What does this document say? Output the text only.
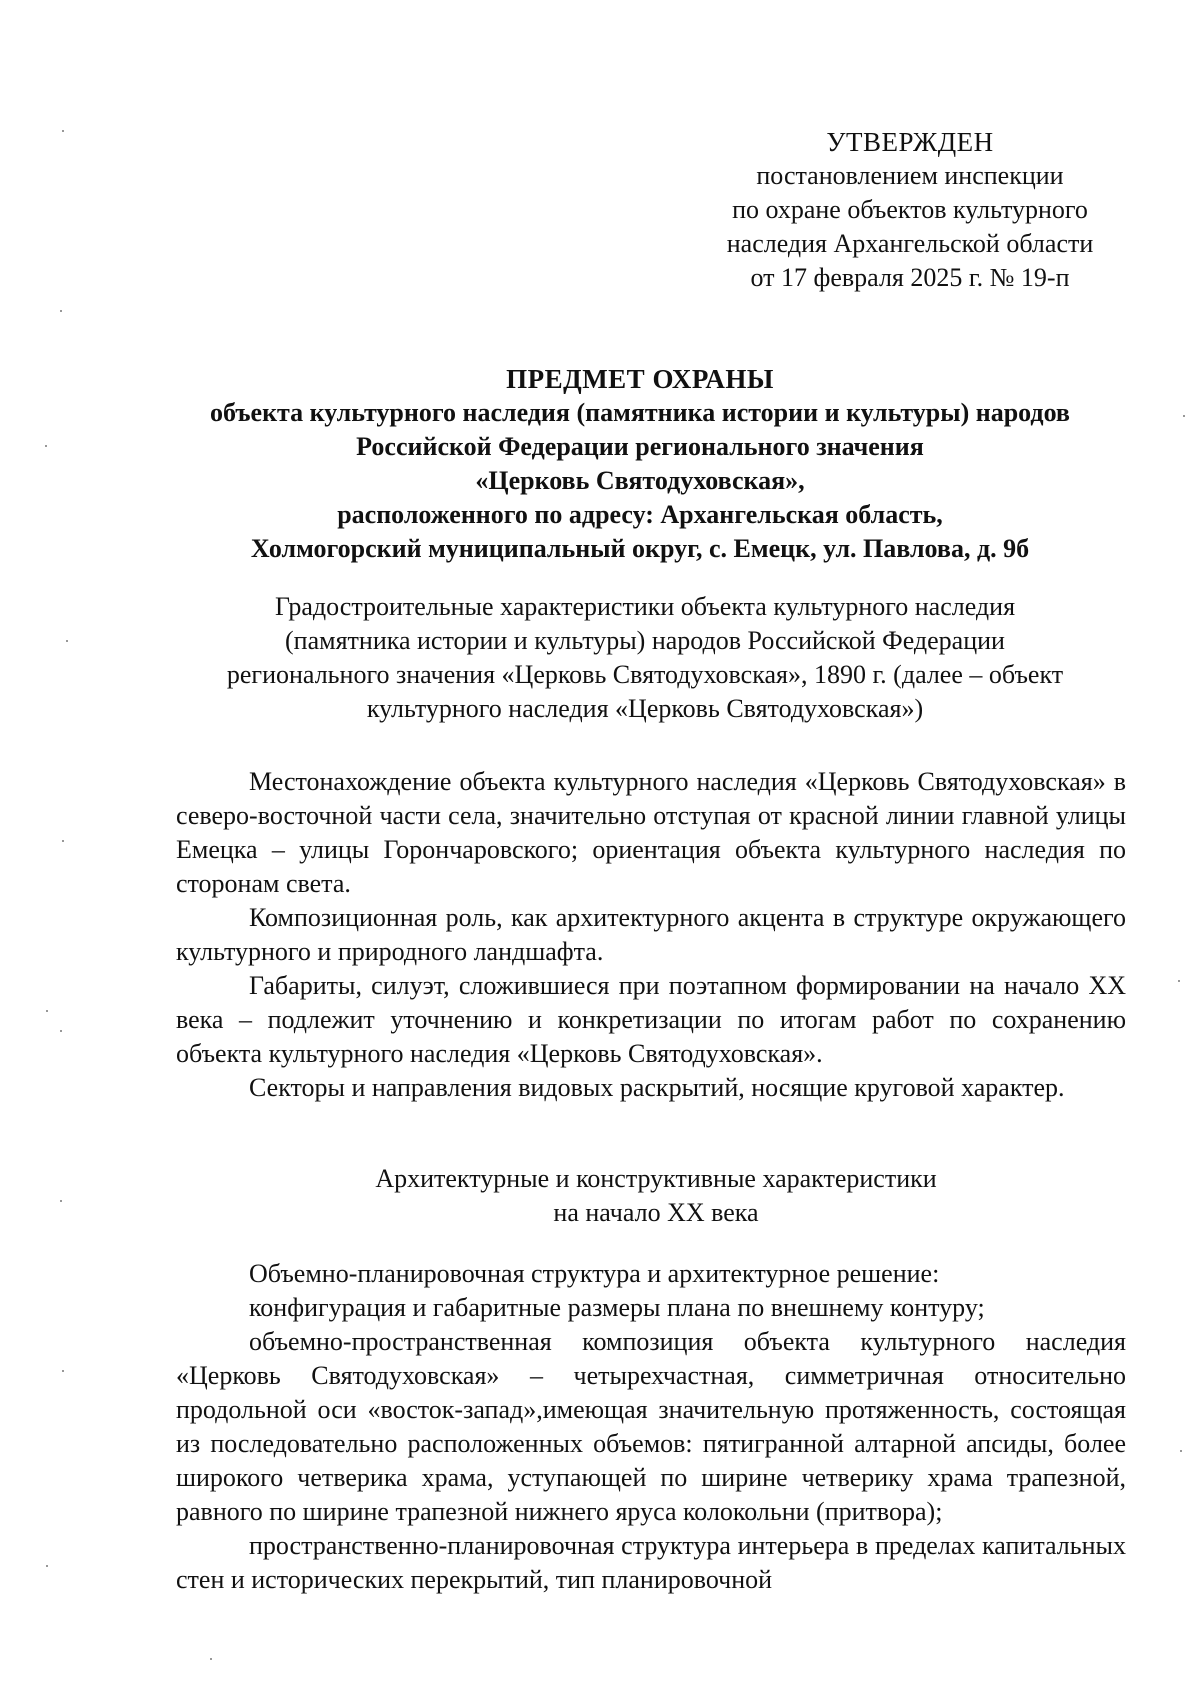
УТВЕРЖДЕН
постановлением инспекции
по охране объектов культурного
наследия Архангельской области
от 17 февраля 2025 г. № 19-п
ПРЕДМЕТ ОХРАНЫ
объекта культурного наследия (памятника истории и культуры) народов
Российской Федерации регионального значения
«Церковь Святодуховская»,
расположенного по адресу: Архангельская область,
Холмогорский муниципальный округ, с. Емецк, ул. Павлова, д. 9б
Градостроительные характеристики объекта культурного наследия
(памятника истории и культуры) народов Российской Федерации
регионального значения «Церковь Святодуховская», 1890 г. (далее – объект
культурного наследия «Церковь Святодуховская»)

Местонахождение объекта культурного наследия «Церковь Святодуховская» в северо-восточной части села, значительно отступая от красной линии главной улицы Емецка – улицы Горончаровского; ориентация объекта культурного наследия по сторонам света.

Композиционная роль, как архитектурного акцента в структуре окружающего культурного и природного ландшафта.

Габариты, силуэт, сложившиеся при поэтапном формировании на начало XX века – подлежит уточнению и конкретизации по итогам работ по сохранению объекта культурного наследия «Церковь Святодуховская».

Секторы и направления видовых раскрытий, носящие круговой характер.

Архитектурные и конструктивные характеристики
на начало XX века

Объемно-планировочная структура и архитектурное решение:

конфигурация и габаритные размеры плана по внешнему контуру;

объемно-пространственная композиция объекта культурного наследия «Церковь Святодуховская» – четырехчастная, симметричная относительно продольной оси «восток-запад»,имеющая значительную протяженность, состоящая из последовательно расположенных объемов: пятигранной алтарной апсиды, более широкого четверика храма, уступающей по ширине четверику храма трапезной, равного по ширине трапезной нижнего яруса колокольни (притвора);

пространственно-планировочная структура интерьера в пределах капитальных стен и исторических перекрытий, тип планировочной
